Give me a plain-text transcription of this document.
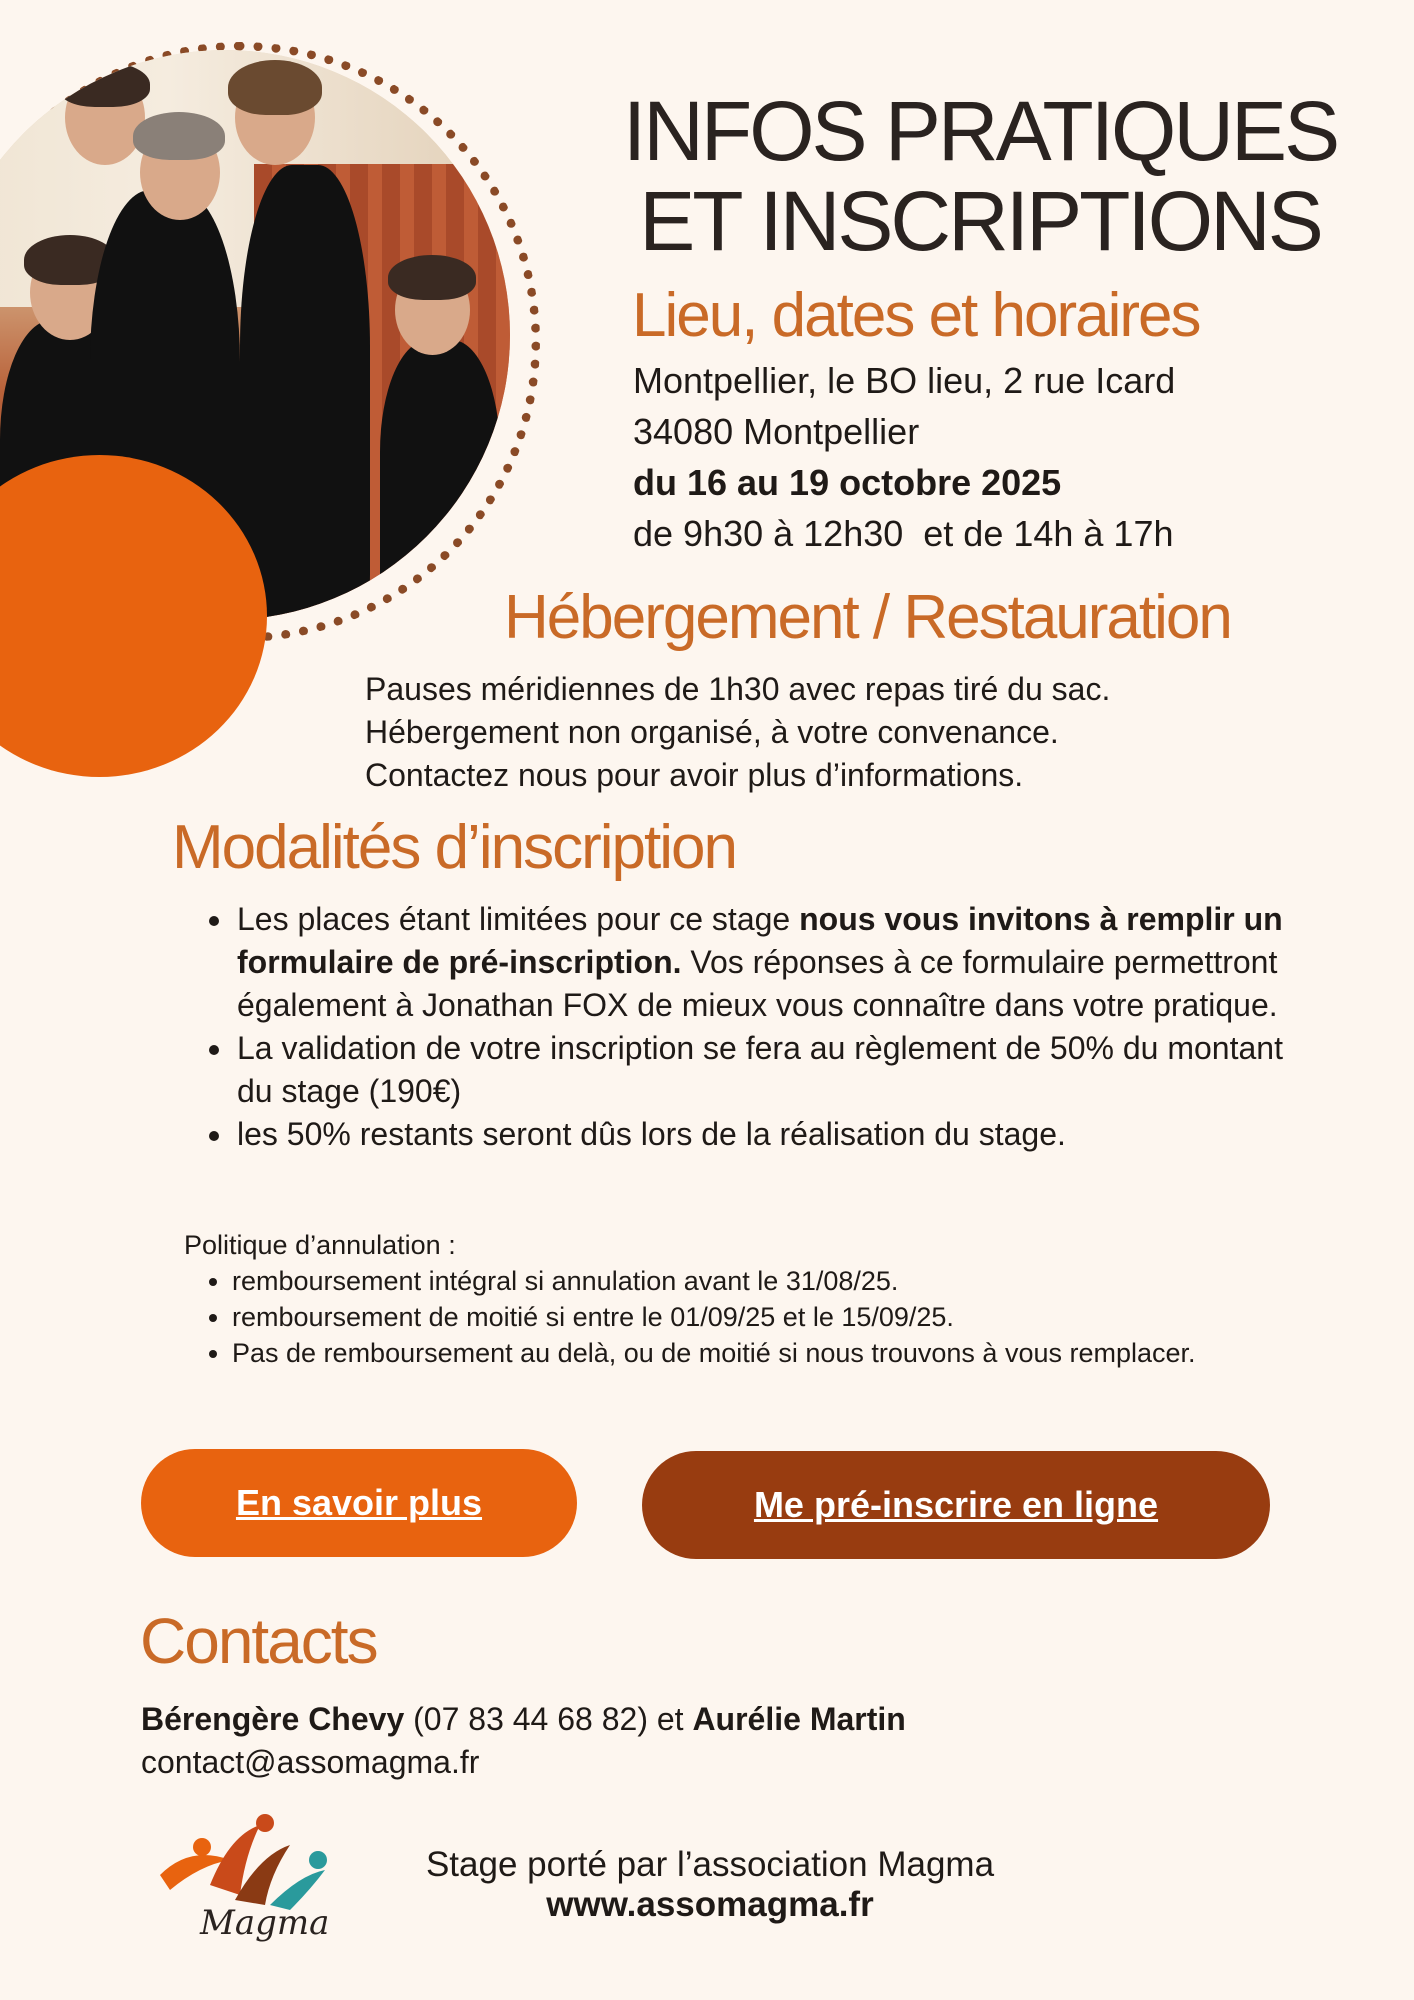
INFOS PRATIQUES
ET INSCRIPTIONS
Lieu, dates et horaires
Montpellier, le BO lieu, 2 rue Icard
34080 Montpellier
du 16 au 19 octobre 2025
de 9h30 à 12h30  et de 14h à 17h
Hébergement / Restauration
Pauses méridiennes de 1h30 avec repas tiré du sac.
Hébergement non organisé, à votre convenance.
Contactez nous pour avoir plus d’informations.
Modalités d’inscription
• Les places étant limitées pour ce stage nous vous invitons à remplir un formulaire de pré-inscription. Vos réponses à ce formulaire permettront également à Jonathan FOX de mieux vous connaître dans votre pratique.
• La validation de votre inscription se fera au règlement de 50% du montant du stage (190€)
• les 50% restants seront dûs lors de la réalisation du stage.
Politique d’annulation :
• remboursement intégral si annulation avant le 31/08/25.
• remboursement de moitié si entre le 01/09/25 et le 15/09/25.
• Pas de remboursement au delà, ou de moitié si nous trouvons à vous remplacer.
En savoir plus	Me pré-inscrire en ligne
Contacts
Bérengère Chevy (07 83 44 68 82) et Aurélie Martin
contact@assomagma.fr
Magma
Stage porté par l’association Magma
www.assomagma.fr
